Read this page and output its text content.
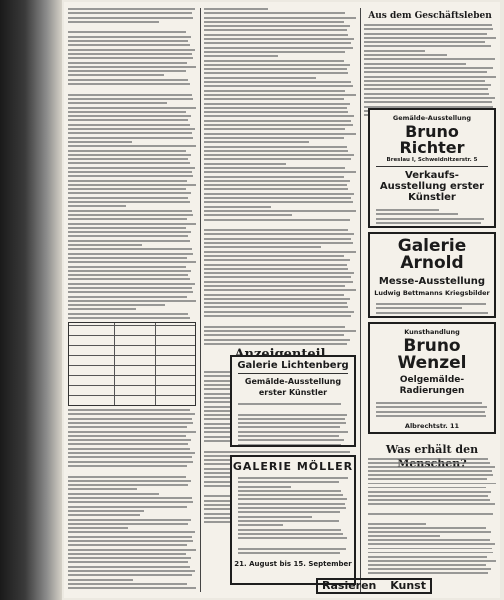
Aus dem Geschäftsleben
Gemälde-Ausstellung
Bruno Richter
Breslau I, Schweidnitzerstr. 5
Verkaufs-Ausstellung erster Künstler
Galerie Arnold
Messe-Ausstellung
Ludwig Bettmanns Kriegsbilder
Kunsthandlung
Bruno Wenzel
Oelgemälde-
Radierungen
Albrechtstr. 11
Galerie Lichtenberg
Gemälde-Ausstellung erster Künstler
GALERIE MÖLLER
21. August bis 15. September
Was erhält den
Rasieren Kunst
